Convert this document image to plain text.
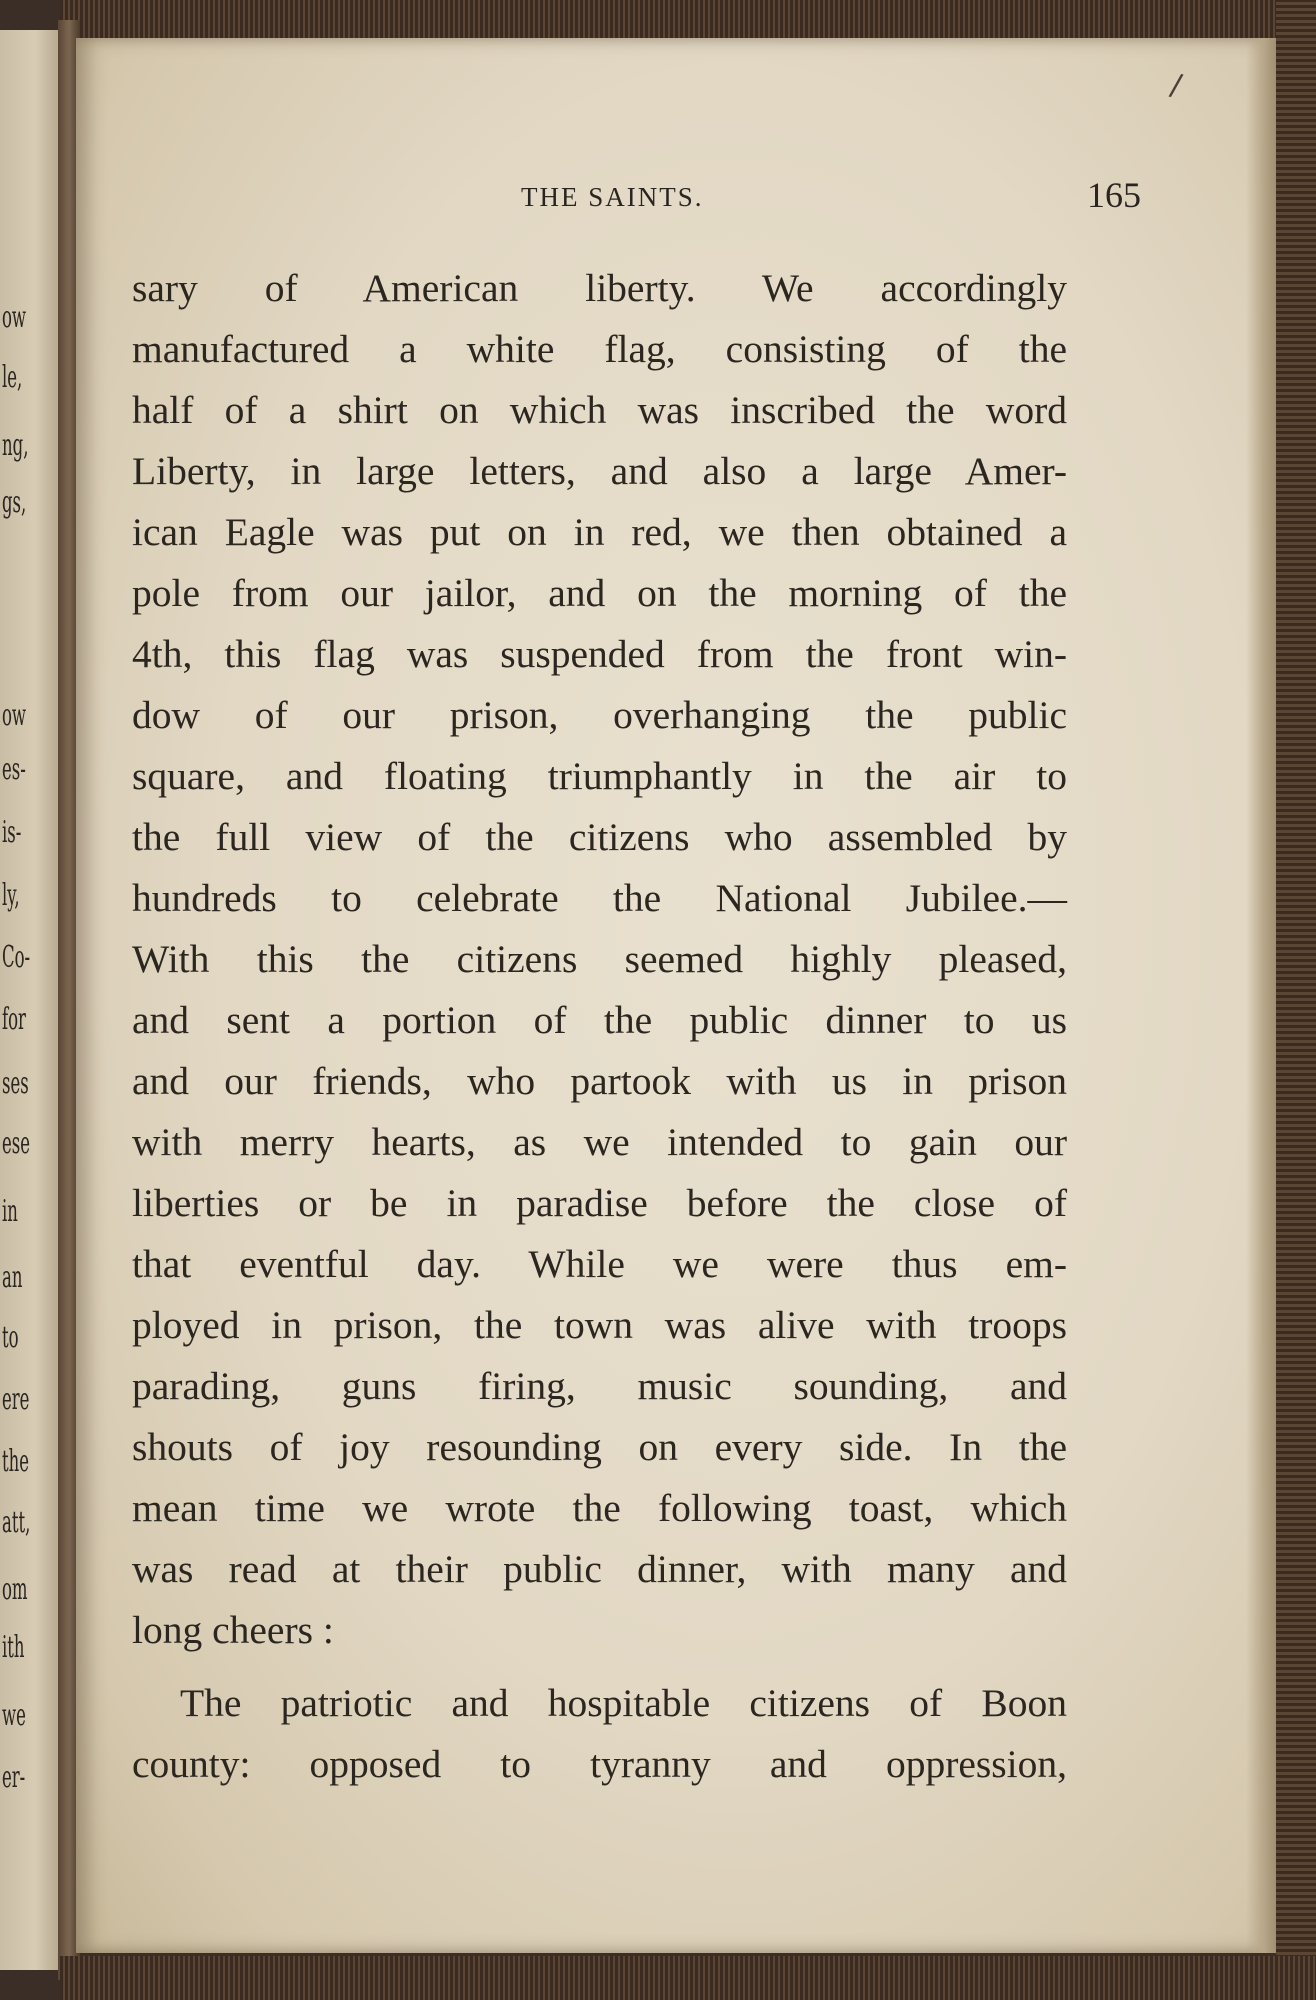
ow
le,
ng,
gs,
ow
es-
is-
ly,
Co-
for
ses
ese
in
an
to
ere
the
att,
om
ith
we
er-
/
THE SAINTS.	165
sary of American liberty. We accordingly
manufactured a white flag, consisting of the
half of a shirt on which was inscribed the word
Liberty, in large letters, and also a large Amer-
ican Eagle was put on in red, we then obtained a
pole from our jailor, and on the morning of the
4th, this flag was suspended from the front win-
dow of our prison, overhanging the public
square, and floating triumphantly in the air to
the full view of the citizens who assembled by
hundreds to celebrate the National Jubilee.—
With this the citizens seemed highly pleased,
and sent a portion of the public dinner to us
and our friends, who partook with us in prison
with merry hearts, as we intended to gain our
liberties or be in paradise before the close of
that eventful day. While we were thus em-
ployed in prison, the town was alive with troops
parading, guns firing, music sounding, and
shouts of joy resounding on every side. In the
mean time we wrote the following toast, which
was read at their public dinner, with many and
long cheers :
The patriotic and hospitable citizens of Boon
county: opposed to tyranny and oppression,
